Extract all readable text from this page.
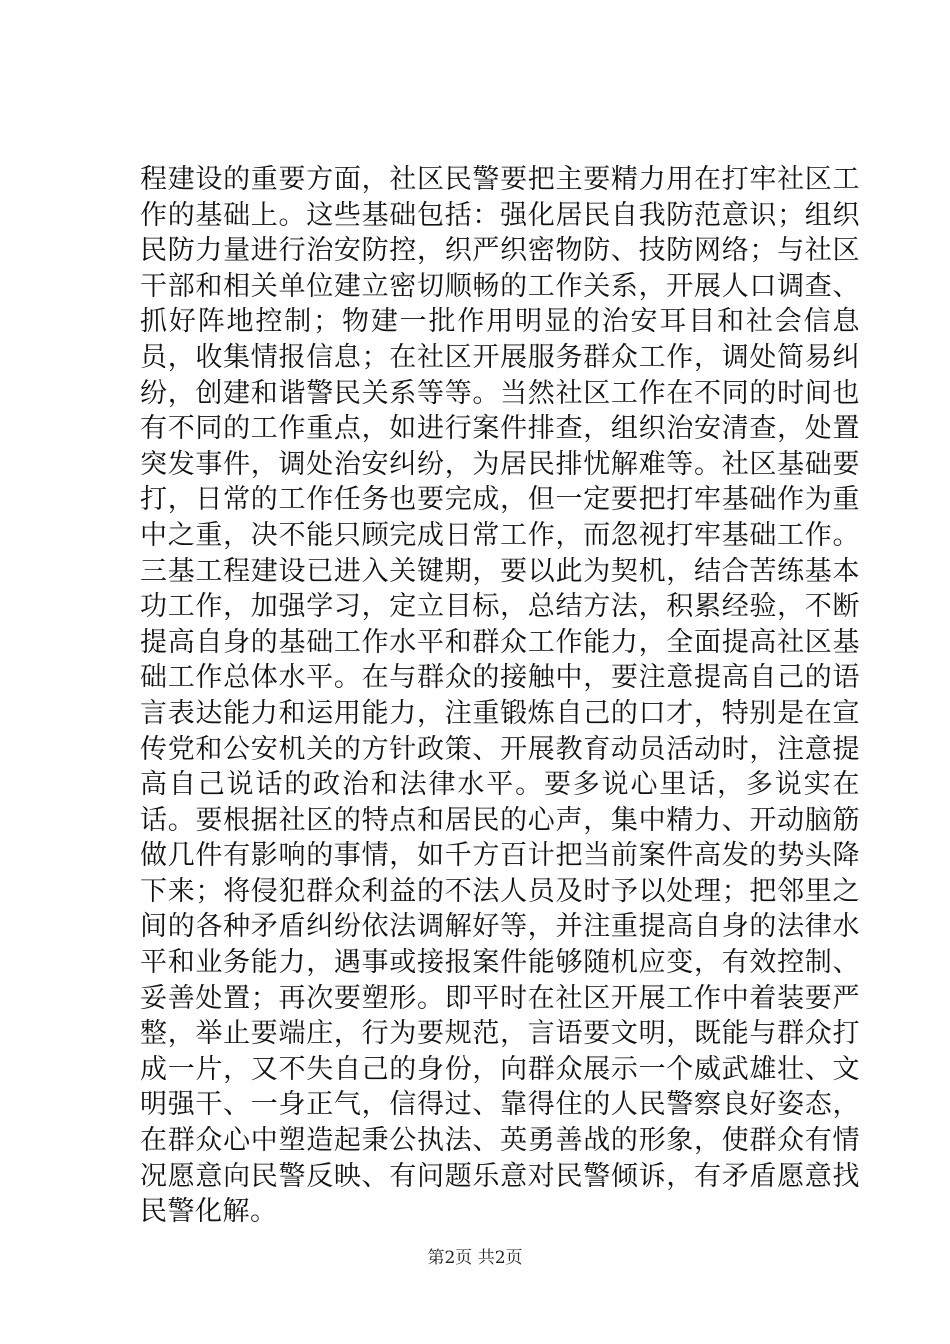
程建设的重要方面，社区民警要把主要精力用在打牢社区工作的基础上。这些基础包括：强化居民自我防范意识；组织民防力量进行治安防控，织严织密物防、技防网络；与社区干部和相关单位建立密切顺畅的工作关系，开展人口调查、抓好阵地控制；物建一批作用明显的治安耳目和社会信息员，收集情报信息；在社区开展服务群众工作，调处简易纠纷，创建和谐警民关系等等。当然社区工作在不同的时间也有不同的工作重点，如进行案件排查，组织治安清查，处置突发事件，调处治安纠纷，为居民排忧解难等。社区基础要打，日常的工作任务也要完成，但一定要把打牢基础作为重中之重，决不能只顾完成日常工作，而忽视打牢基础工作。三基工程建设已进入关键期，要以此为契机，结合苦练基本功工作，加强学习，定立目标，总结方法，积累经验，不断提高自身的基础工作水平和群众工作能力，全面提高社区基础工作总体水平。在与群众的接触中，要注意提高自己的语言表达能力和运用能力，注重锻炼自己的口才，特别是在宣传党和公安机关的方针政策、开展教育动员活动时，注意提高自己说话的政治和法律水平。要多说心里话，多说实在话。要根据社区的特点和居民的心声，集中精力、开动脑筋做几件有影响的事情，如千方百计把当前案件高发的势头降下来；将侵犯群众利益的不法人员及时予以处理；把邻里之间的各种矛盾纠纷依法调解好等，并注重提高自身的法律水平和业务能力，遇事或接报案件能够随机应变，有效控制、妥善处置；再次要塑形。即平时在社区开展工作中着装要严整，举止要端庄，行为要规范，言语要文明，既能与群众打成一片，又不失自己的身份，向群众展示一个威武雄壮、文明强干、一身正气，信得过、靠得住的人民警察良好姿态，在群众心中塑造起秉公执法、英勇善战的形象，使群众有情况愿意向民警反映、有问题乐意对民警倾诉，有矛盾愿意找民警化解。

第2页 共2页
